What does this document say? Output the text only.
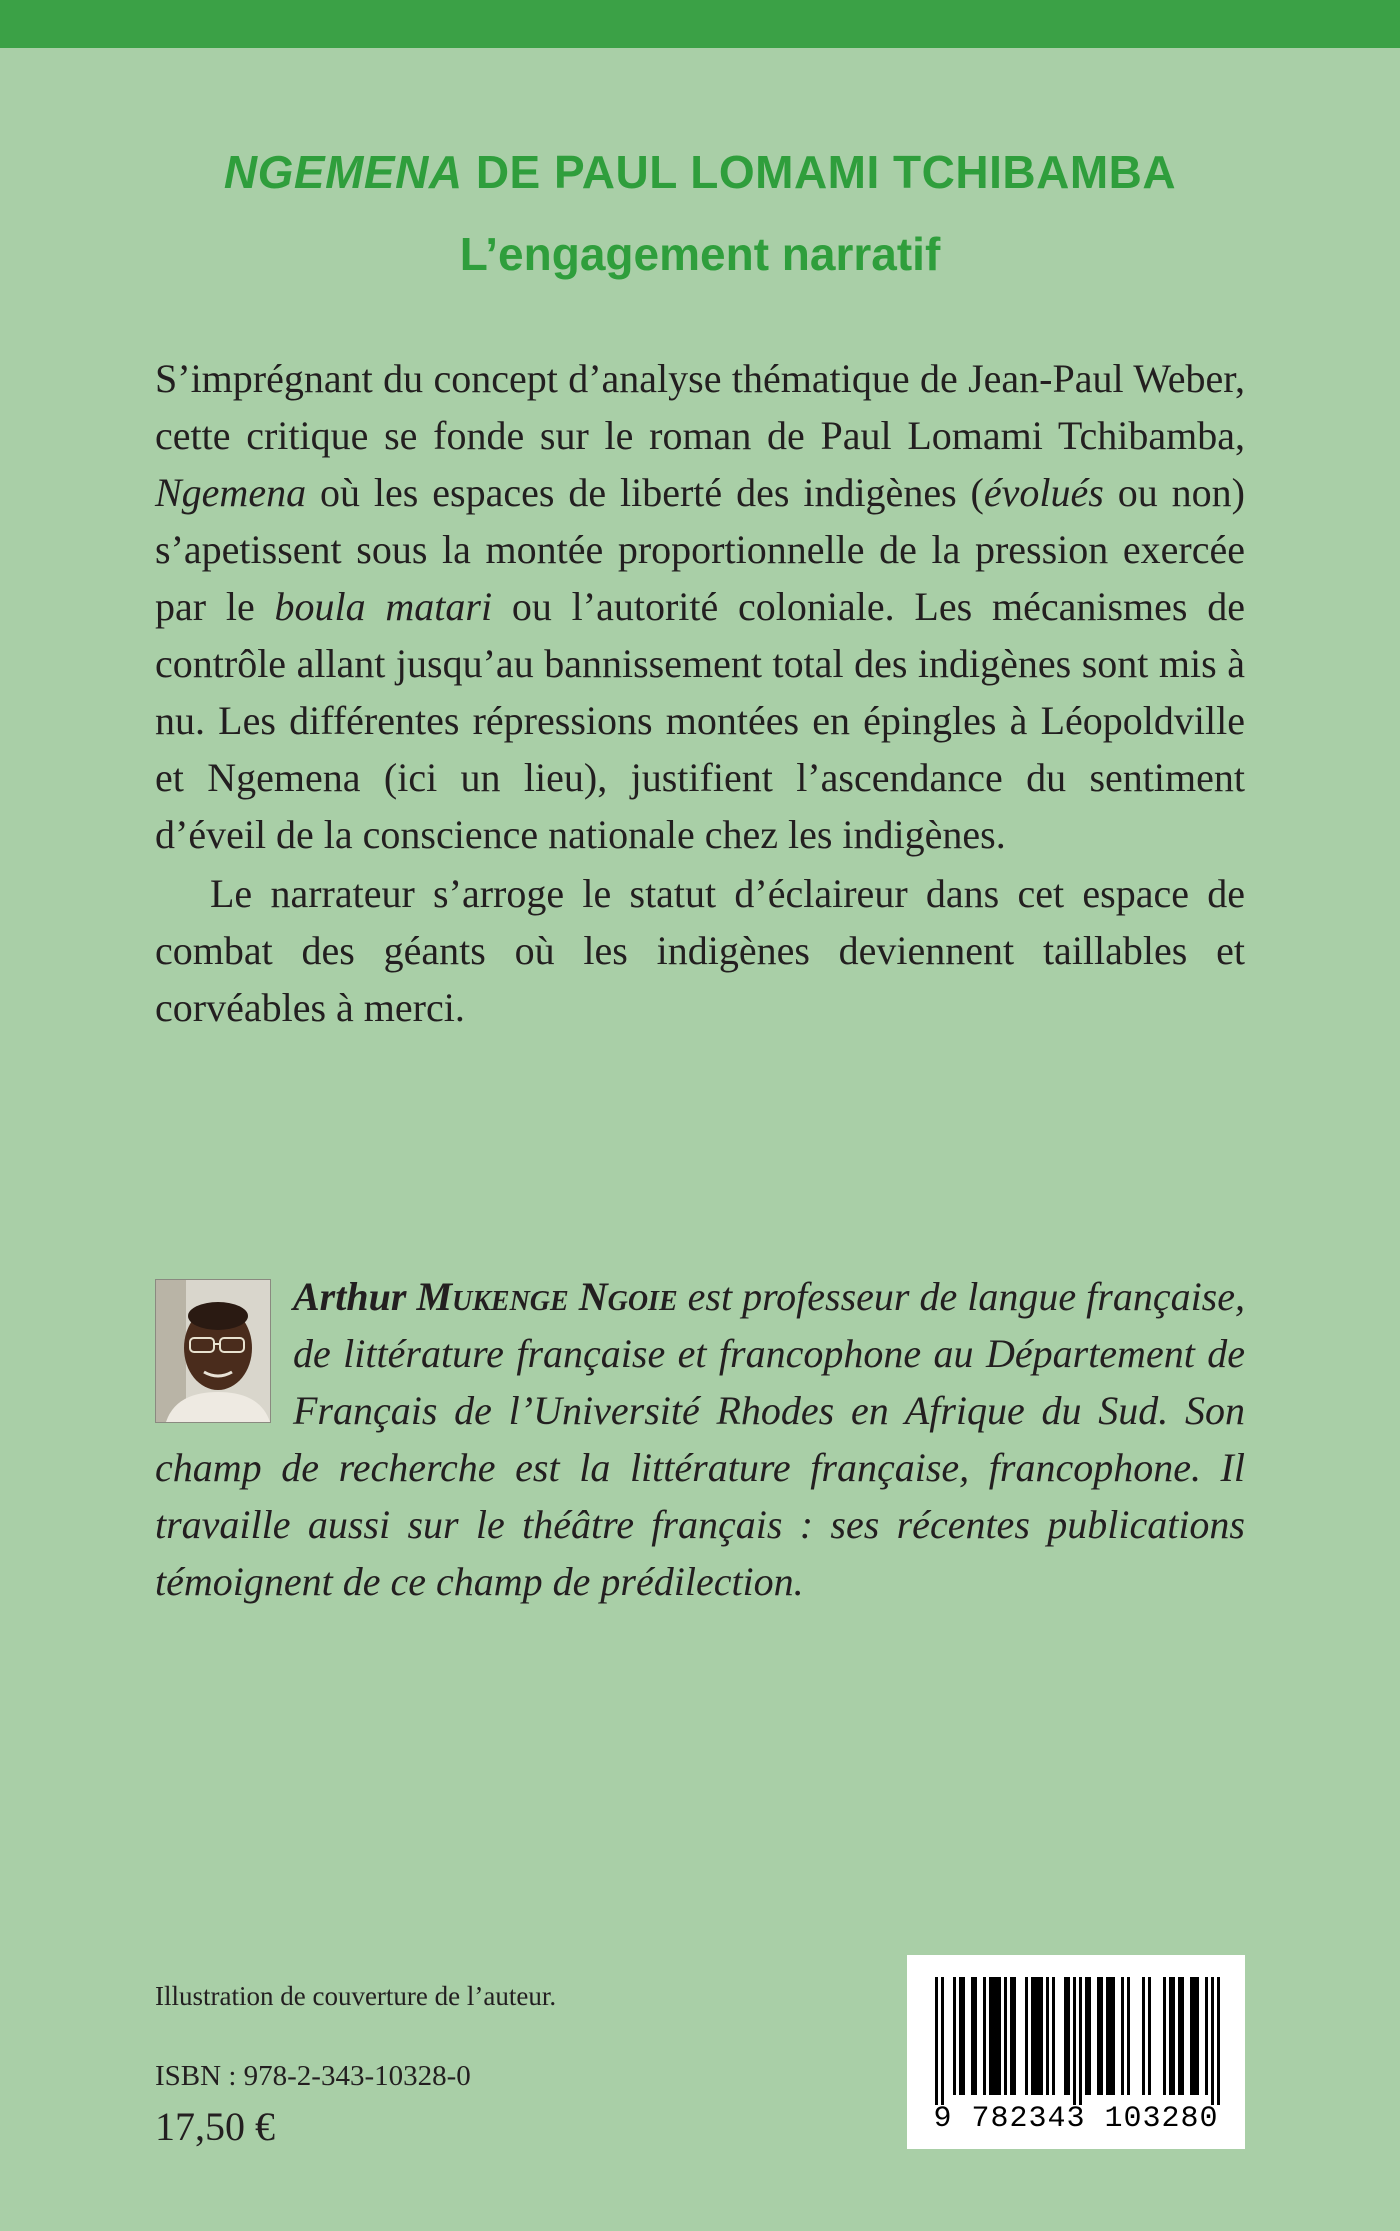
NGEMENA DE PAUL LOMAMI TCHIBAMBA
L’engagement narratif

S’imprégnant du concept d’analyse thématique de Jean-Paul Weber, cette critique se fonde sur le roman de Paul Lomami Tchibamba, Ngemena où les espaces de liberté des indigènes (évolués ou non) s’apetissent sous la montée proportionnelle de la pression exercée par le boula matari ou l’autorité coloniale. Les mécanismes de contrôle allant jusqu’au bannissement total des indigènes sont mis à nu. Les différentes répressions montées en épingles à Léopoldville et Ngemena (ici un lieu), justifient l’ascendance du sentiment d’éveil de la conscience nationale chez les indigènes.

Le narrateur s’arroge le statut d’éclaireur dans cet espace de combat des géants où les indigènes deviennent taillables et corvéables à merci.

Arthur Mukenge Ngoie est professeur de langue française, de littérature française et francophone au Département de Français de l’Université Rhodes en Afrique du Sud. Son champ de recherche est la littérature française, francophone. Il travaille aussi sur le théâtre français : ses récentes publications témoignent de ce champ de prédilection.
Illustration de couverture de l’auteur.
ISBN : 978-2-343-10328-0
17,50 €	9 782343 103280
